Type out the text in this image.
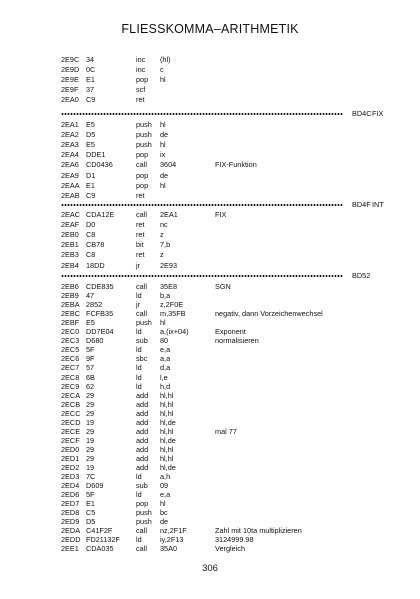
FLIESSKOMMA–ARITHMETIK
2E9C 34	inc (hl)
2E9D 0C	inc c
2E9E E1	pop hl
2E9F 37	scf
2EA0 C9	ret
BD4C FIX
2EA1 E5	push hl
2EA2 D5	push de
2EA3 E5	push hl
2EA4 DDE1	pop ix
2EA6 CD0436	call 3604	FIX-Funktion
2EA9 D1	pop de
2EAA E1	pop hl
2EAB C9	ret
BD4F INT
2EAC CDA12E	call 2EA1	FIX
2EAF D0	ret nc
2EB0 C8	ret z
2EB1 CB78	bit 7,b
2EB3 C8	ret z
2EB4 18DD	jr	2E93
BD52
2EB6 CDE835	call 35E8	SGN
2EB9 47	ld	b,a
2EBA 2852	jr	z,2F0E
2EBC FCFB35	call m,35FB	negativ, dann Vorzeichenwechsel
2EBF E5	push hl
2EC0 DD7E04	ld	a,(ix+04)	Exponent
2EC3 D680	sub 80	normalisieren
2EC5 5F	ld	e,a
2EC6 9F	sbc a,a
2EC7 57	ld	d,a
2EC8 6B	ld	l,e
2EC9 62	ld	h,d
2ECA 29	add hl,hl
2ECB 29	add hl,hl
2ECC 29	add hl,hl
2ECD 19	add hl,de
2ECE 29	add hl,hl	mal 77
2ECF 19	add hl,de
2ED0 29	add hl,hl
2ED1 29	add hl,hl
2ED2 19	add hl,de
2ED3 7C	ld	a,h
2ED4 D609	sub 09
2ED6 5F	ld	e,a
2ED7 E1	pop hl
2ED8 C5	push bc
2ED9 D5	push de
2EDA C41F2F	call nz,2F1F	Zahl mit 10ta multiplizieren
2EDD FD21132F ld	iy,2F13	3124999.98
2EE1 CDA035	call 35A0	Vergleich
306
